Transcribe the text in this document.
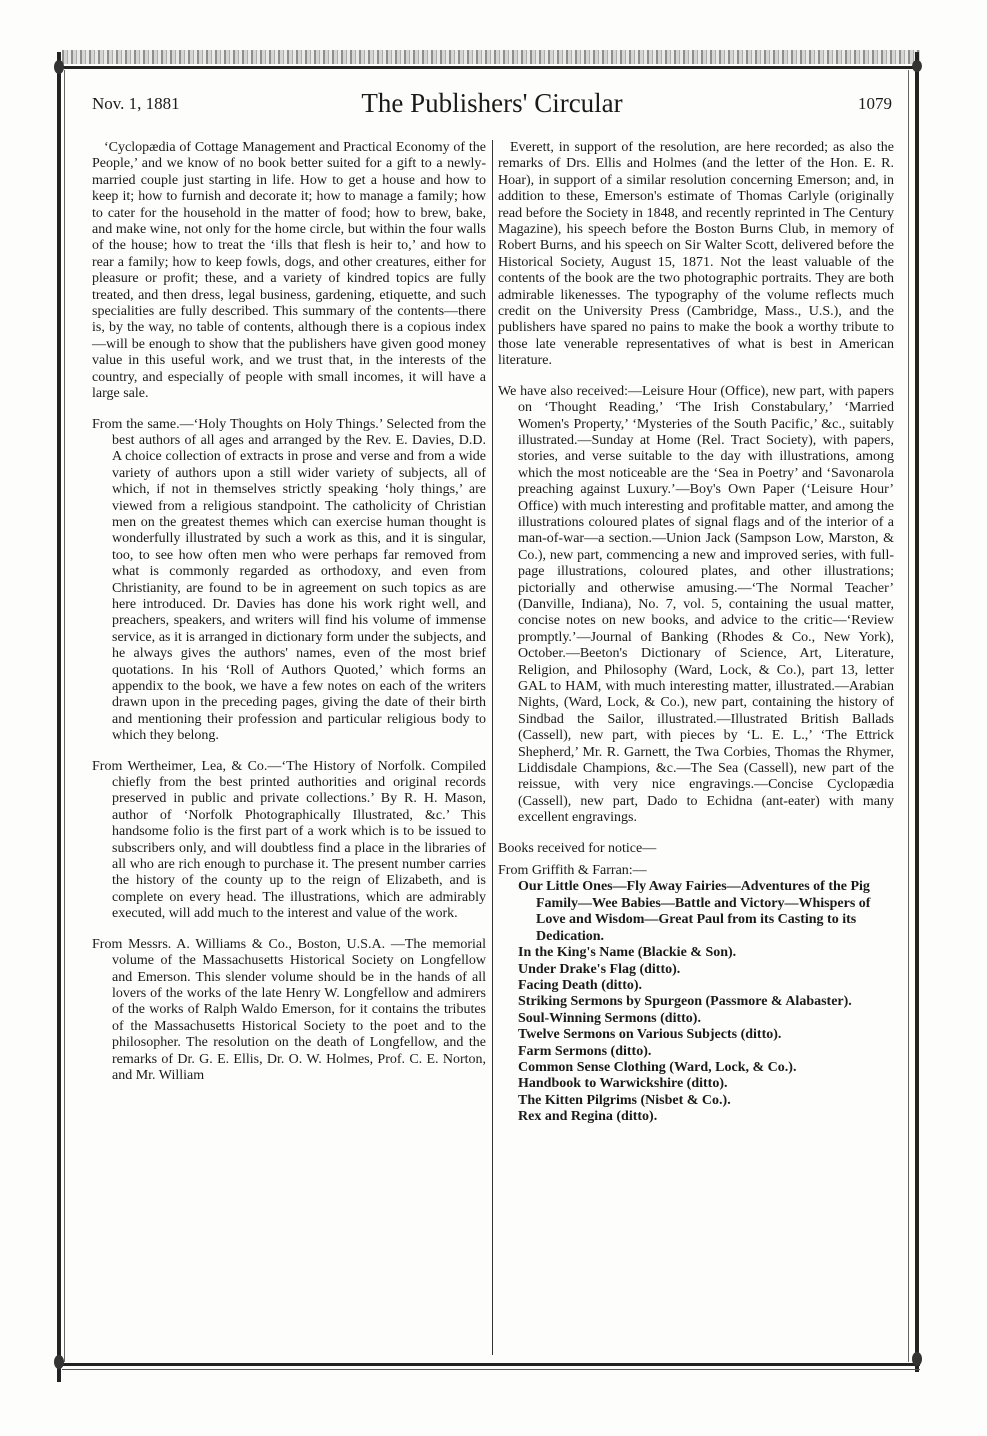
Nov. 1, 1881	The Publishers' Circular	1079

‘Cyclopædia of Cottage Management and Practical Economy of the People,’ and we know of no book better suited for a gift to a newly-married couple just starting in life. How to get a house and how to keep it; how to furnish and decorate it; how to manage a family; how to cater for the household in the matter of food; how to brew, bake, and make wine, not only for the home circle, but within the four walls of the house; how to treat the ‘ills that flesh is heir to,’ and how to rear a family; how to keep fowls, dogs, and other creatures, either for pleasure or profit; these, and a variety of kindred topics are fully treated, and then dress, legal business, gardening, etiquette, and such specialities are fully described. This summary of the contents—there is, by the way, no table of contents, although there is a copious index—will be enough to show that the publishers have given good money value in this useful work, and we trust that, in the interests of the country, and especially of people with small incomes, it will have a large sale.

From the same.—‘Holy Thoughts on Holy Things.’ Selected from the best authors of all ages and arranged by the Rev. E. Davies, D.D. A choice collection of extracts in prose and verse and from a wide variety of authors upon a still wider variety of subjects, all of which, if not in themselves strictly speaking ‘holy things,’ are viewed from a religious standpoint. The catholicity of Christian men on the greatest themes which can exercise human thought is wonderfully illustrated by such a work as this, and it is singular, too, to see how often men who were perhaps far removed from what is commonly regarded as orthodoxy, and even from Christianity, are found to be in agreement on such topics as are here introduced. Dr. Davies has done his work right well, and preachers, speakers, and writers will find his volume of immense service, as it is arranged in dictionary form under the subjects, and he always gives the authors' names, even of the most brief quotations. In his ‘Roll of Authors Quoted,’ which forms an appendix to the book, we have a few notes on each of the writers drawn upon in the preceding pages, giving the date of their birth and mentioning their profession and particular religious body to which they belong.

From Wertheimer, Lea, & Co.—‘The History of Norfolk. Compiled chiefly from the best printed authorities and original records preserved in public and private collections.’ By R. H. Mason, author of ‘Norfolk Photographically Illustrated, &c.’ This handsome folio is the first part of a work which is to be issued to subscribers only, and will doubtless find a place in the libraries of all who are rich enough to purchase it. The present number carries the history of the county up to the reign of Elizabeth, and is complete on every head. The illustrations, which are admirably executed, will add much to the interest and value of the work.

From Messrs. A. Williams & Co., Boston, U.S.A. —The memorial volume of the Massachusetts Historical Society on Longfellow and Emerson. This slender volume should be in the hands of all lovers of the works of the late Henry W. Longfellow and admirers of the works of Ralph Waldo Emerson, for it contains the tributes of the Massachusetts Historical Society to the poet and to the philosopher. The resolution on the death of Longfellow, and the remarks of Dr. G. E. Ellis, Dr. O. W. Holmes, Prof. C. E. Norton, and Mr. William

Everett, in support of the resolution, are here recorded; as also the remarks of Drs. Ellis and Holmes (and the letter of the Hon. E. R. Hoar), in support of a similar resolution concerning Emerson; and, in addition to these, Emerson's estimate of Thomas Carlyle (originally read before the Society in 1848, and recently reprinted in The Century Magazine), his speech before the Boston Burns Club, in memory of Robert Burns, and his speech on Sir Walter Scott, delivered before the Historical Society, August 15, 1871. Not the least valuable of the contents of the book are the two photographic portraits. They are both admirable likenesses. The typography of the volume reflects much credit on the University Press (Cambridge, Mass., U.S.), and the publishers have spared no pains to make the book a worthy tribute to those late venerable representatives of what is best in American literature.

We have also received:—Leisure Hour (Office), new part, with papers on ‘Thought Reading,’ ‘The Irish Constabulary,’ ‘Married Women's Property,’ ‘Mysteries of the South Pacific,’ &c., suitably illustrated.—Sunday at Home (Rel. Tract Society), with papers, stories, and verse suitable to the day with illustrations, among which the most noticeable are the ‘Sea in Poetry’ and ‘Savonarola preaching against Luxury.’—Boy's Own Paper (‘Leisure Hour’ Office) with much interesting and profitable matter, and among the illustrations coloured plates of signal flags and of the interior of a man-of-war—a section.—Union Jack (Sampson Low, Marston, & Co.), new part, commencing a new and improved series, with full-page illustrations, coloured plates, and other illustrations; pictorially and otherwise amusing.—‘The Normal Teacher’ (Danville, Indiana), No. 7, vol. 5, containing the usual matter, concise notes on new books, and advice to the critic—‘Review promptly.’—Journal of Banking (Rhodes & Co., New York), October.—Beeton's Dictionary of Science, Art, Literature, Religion, and Philosophy (Ward, Lock, & Co.), part 13, letter GAL to HAM, with much interesting matter, illustrated.—Arabian Nights, (Ward, Lock, & Co.), new part, containing the history of Sindbad the Sailor, illustrated.—Illustrated British Ballads (Cassell), new part, with pieces by ‘L. E. L.,’ ‘The Ettrick Shepherd,’ Mr. R. Garnett, the Twa Corbies, Thomas the Rhymer, Liddisdale Champions, &c.—The Sea (Cassell), new part of the reissue, with very nice engravings.—Concise Cyclopædia (Cassell), new part, Dado to Echidna (ant-eater) with many excellent engravings.

Books received for notice—

From Griffith & Farran:—

Our Little Ones—Fly Away Fairies—Adventures of the Pig Family—Wee Babies—Battle and Victory—Whispers of Love and Wisdom—Great Paul from its Casting to its Dedication.
In the King's Name (Blackie & Son).
Under Drake's Flag (ditto).
Facing Death (ditto).
Striking Sermons by Spurgeon (Passmore & Alabaster).
Soul-Winning Sermons (ditto).
Twelve Sermons on Various Subjects (ditto).
Farm Sermons (ditto).
Common Sense Clothing (Ward, Lock, & Co.).
Handbook to Warwickshire (ditto).
The Kitten Pilgrims (Nisbet & Co.).
Rex and Regina (ditto).
